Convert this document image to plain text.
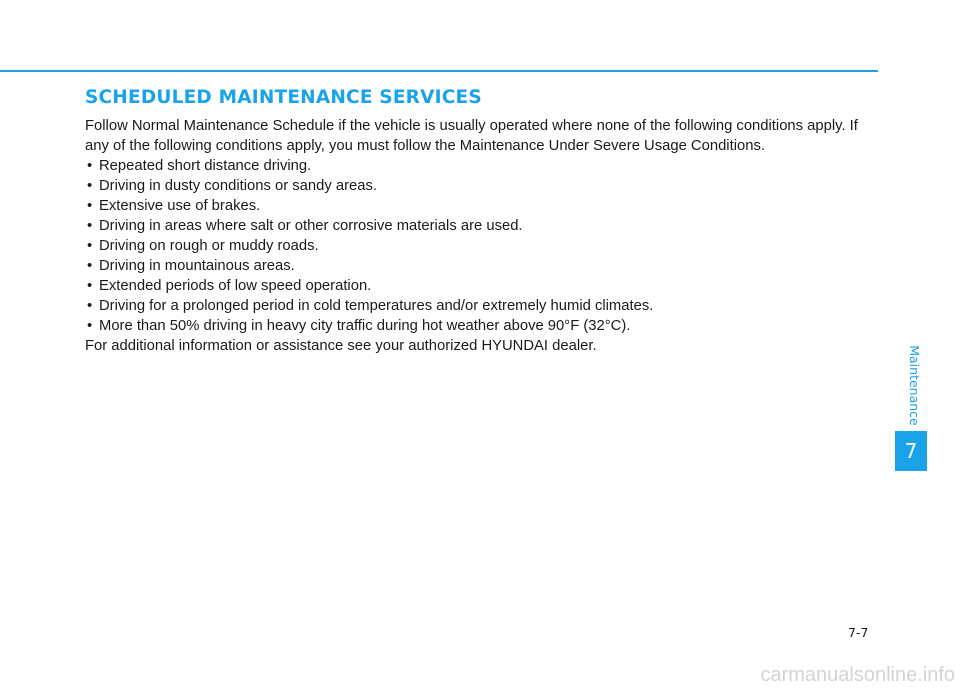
SCHEDULED MAINTENANCE SERVICES

Follow Normal Maintenance Schedule if the vehicle is usually operated where none of the following conditions apply. If any of the following conditions apply, you must follow the Maintenance Under Severe Usage Conditions.

• Repeated short distance driving.
• Driving in dusty conditions or sandy areas.
• Extensive use of brakes.
• Driving in areas where salt or other corrosive materials are used.
• Driving on rough or muddy roads.
• Driving in mountainous areas.
• Extended periods of low speed operation.
• Driving for a prolonged period in cold temperatures and/or extremely humid climates.
• More than 50% driving in heavy city traffic during hot weather above 90°F (32°C).

For additional information or assistance see your authorized HYUNDAI dealer.	Maintenance
7
7-7
carmanualsonline.info
